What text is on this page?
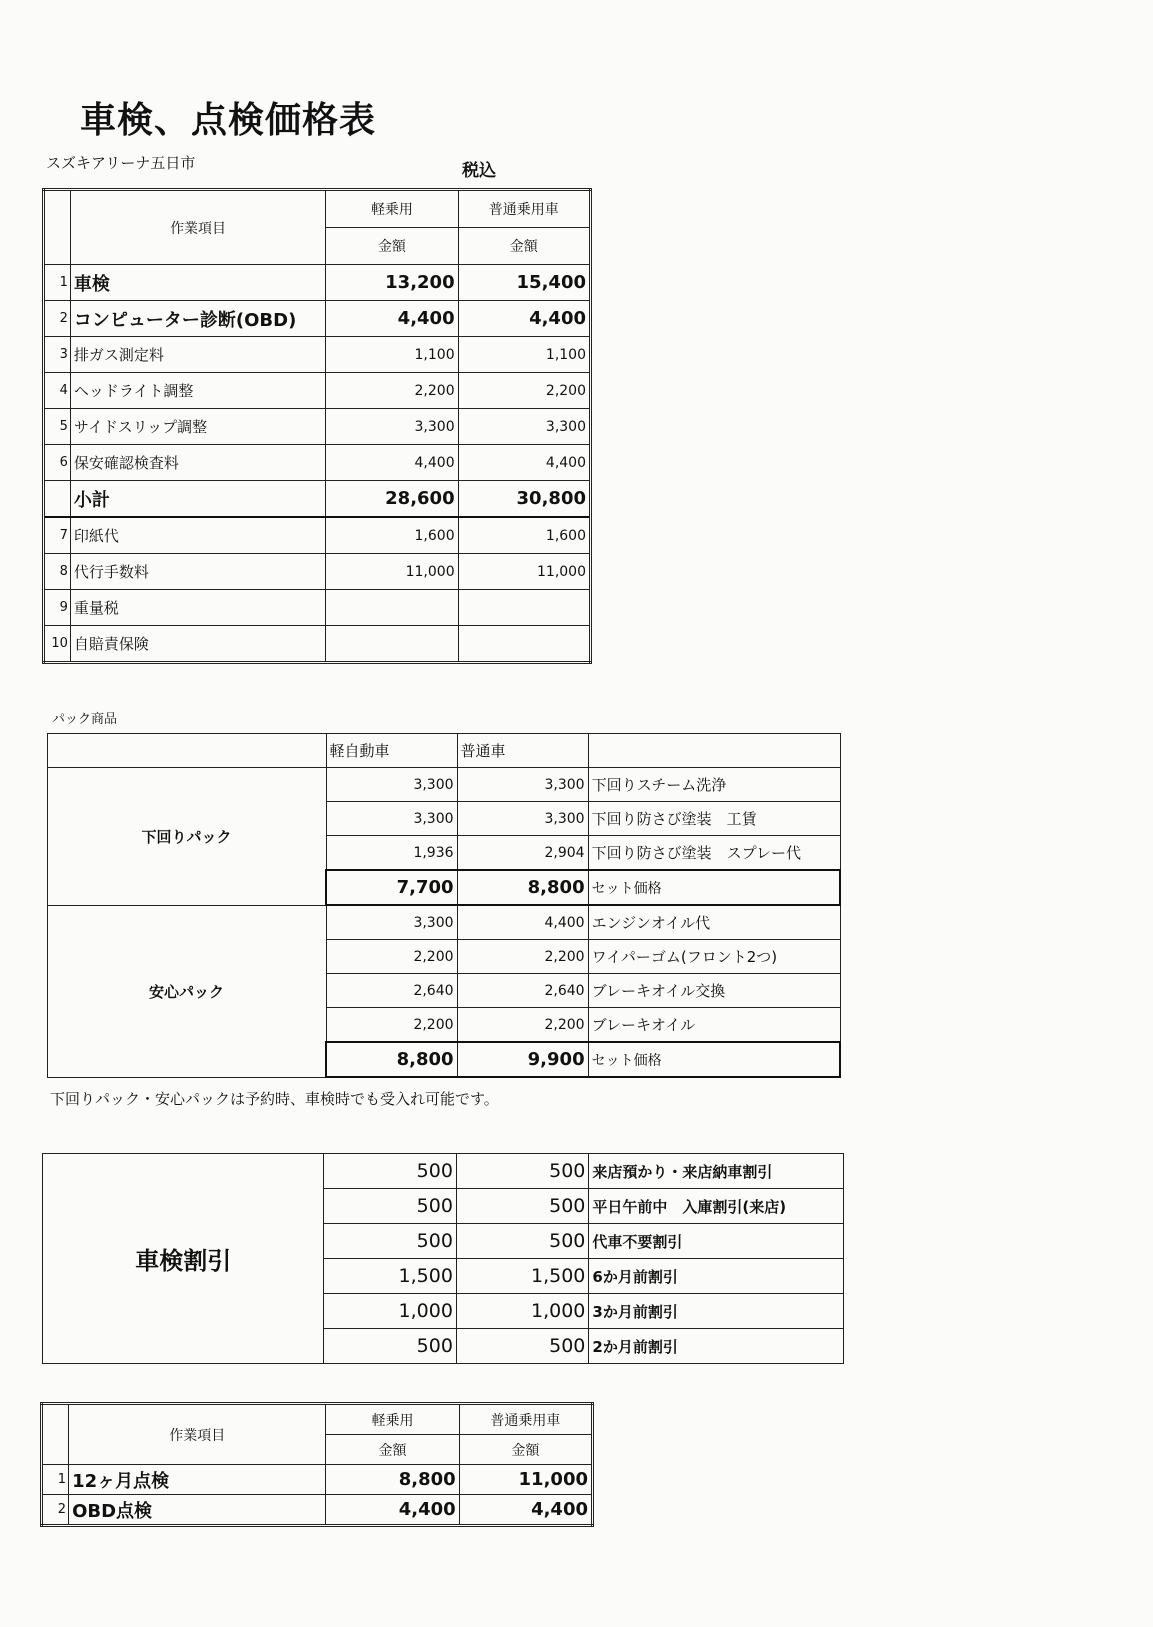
車検、点検価格表
スズキアリーナ五日市	税込
	作業項目	軽乗用	普通乗用車
		金額	金額
1	車検	13,200	15,400
2	コンピューター診断(OBD)	4,400	4,400
3	排ガス測定料	1,100	1,100
4	ヘッドライト調整	2,200	2,200
5	サイドスリップ調整	3,300	3,300
6	保安確認検査料	4,400	4,400
	小計	28,600	30,800
7	印紙代	1,600	1,600
8	代行手数料	11,000	11,000
9	重量税		
10	自賠責保険		
パック商品
	軽自動車	普通車	
下回りパック	3,300	3,300	下回りスチーム洗浄
	3,300	3,300	下回り防さび塗装　工賃
	1,936	2,904	下回り防さび塗装　スプレー代
	7,700	8,800	セット価格
安心パック	3,300	4,400	エンジンオイル代
	2,200	2,200	ワイパーゴム(フロント2つ)
	2,640	2,640	ブレーキオイル交換
	2,200	2,200	ブレーキオイル
	8,800	9,900	セット価格
下回りパック・安心パックは予約時、車検時でも受入れ可能です。
車検割引	500	500	来店預かり・来店納車割引
	500	500	平日午前中　入庫割引(来店)
	500	500	代車不要割引
	1,500	1,500	6か月前割引
	1,000	1,000	3か月前割引
	500	500	2か月前割引
	作業項目	軽乗用	普通乗用車
		金額	金額
1	12ヶ月点検	8,800	11,000
2	OBD点検	4,400	4,400
